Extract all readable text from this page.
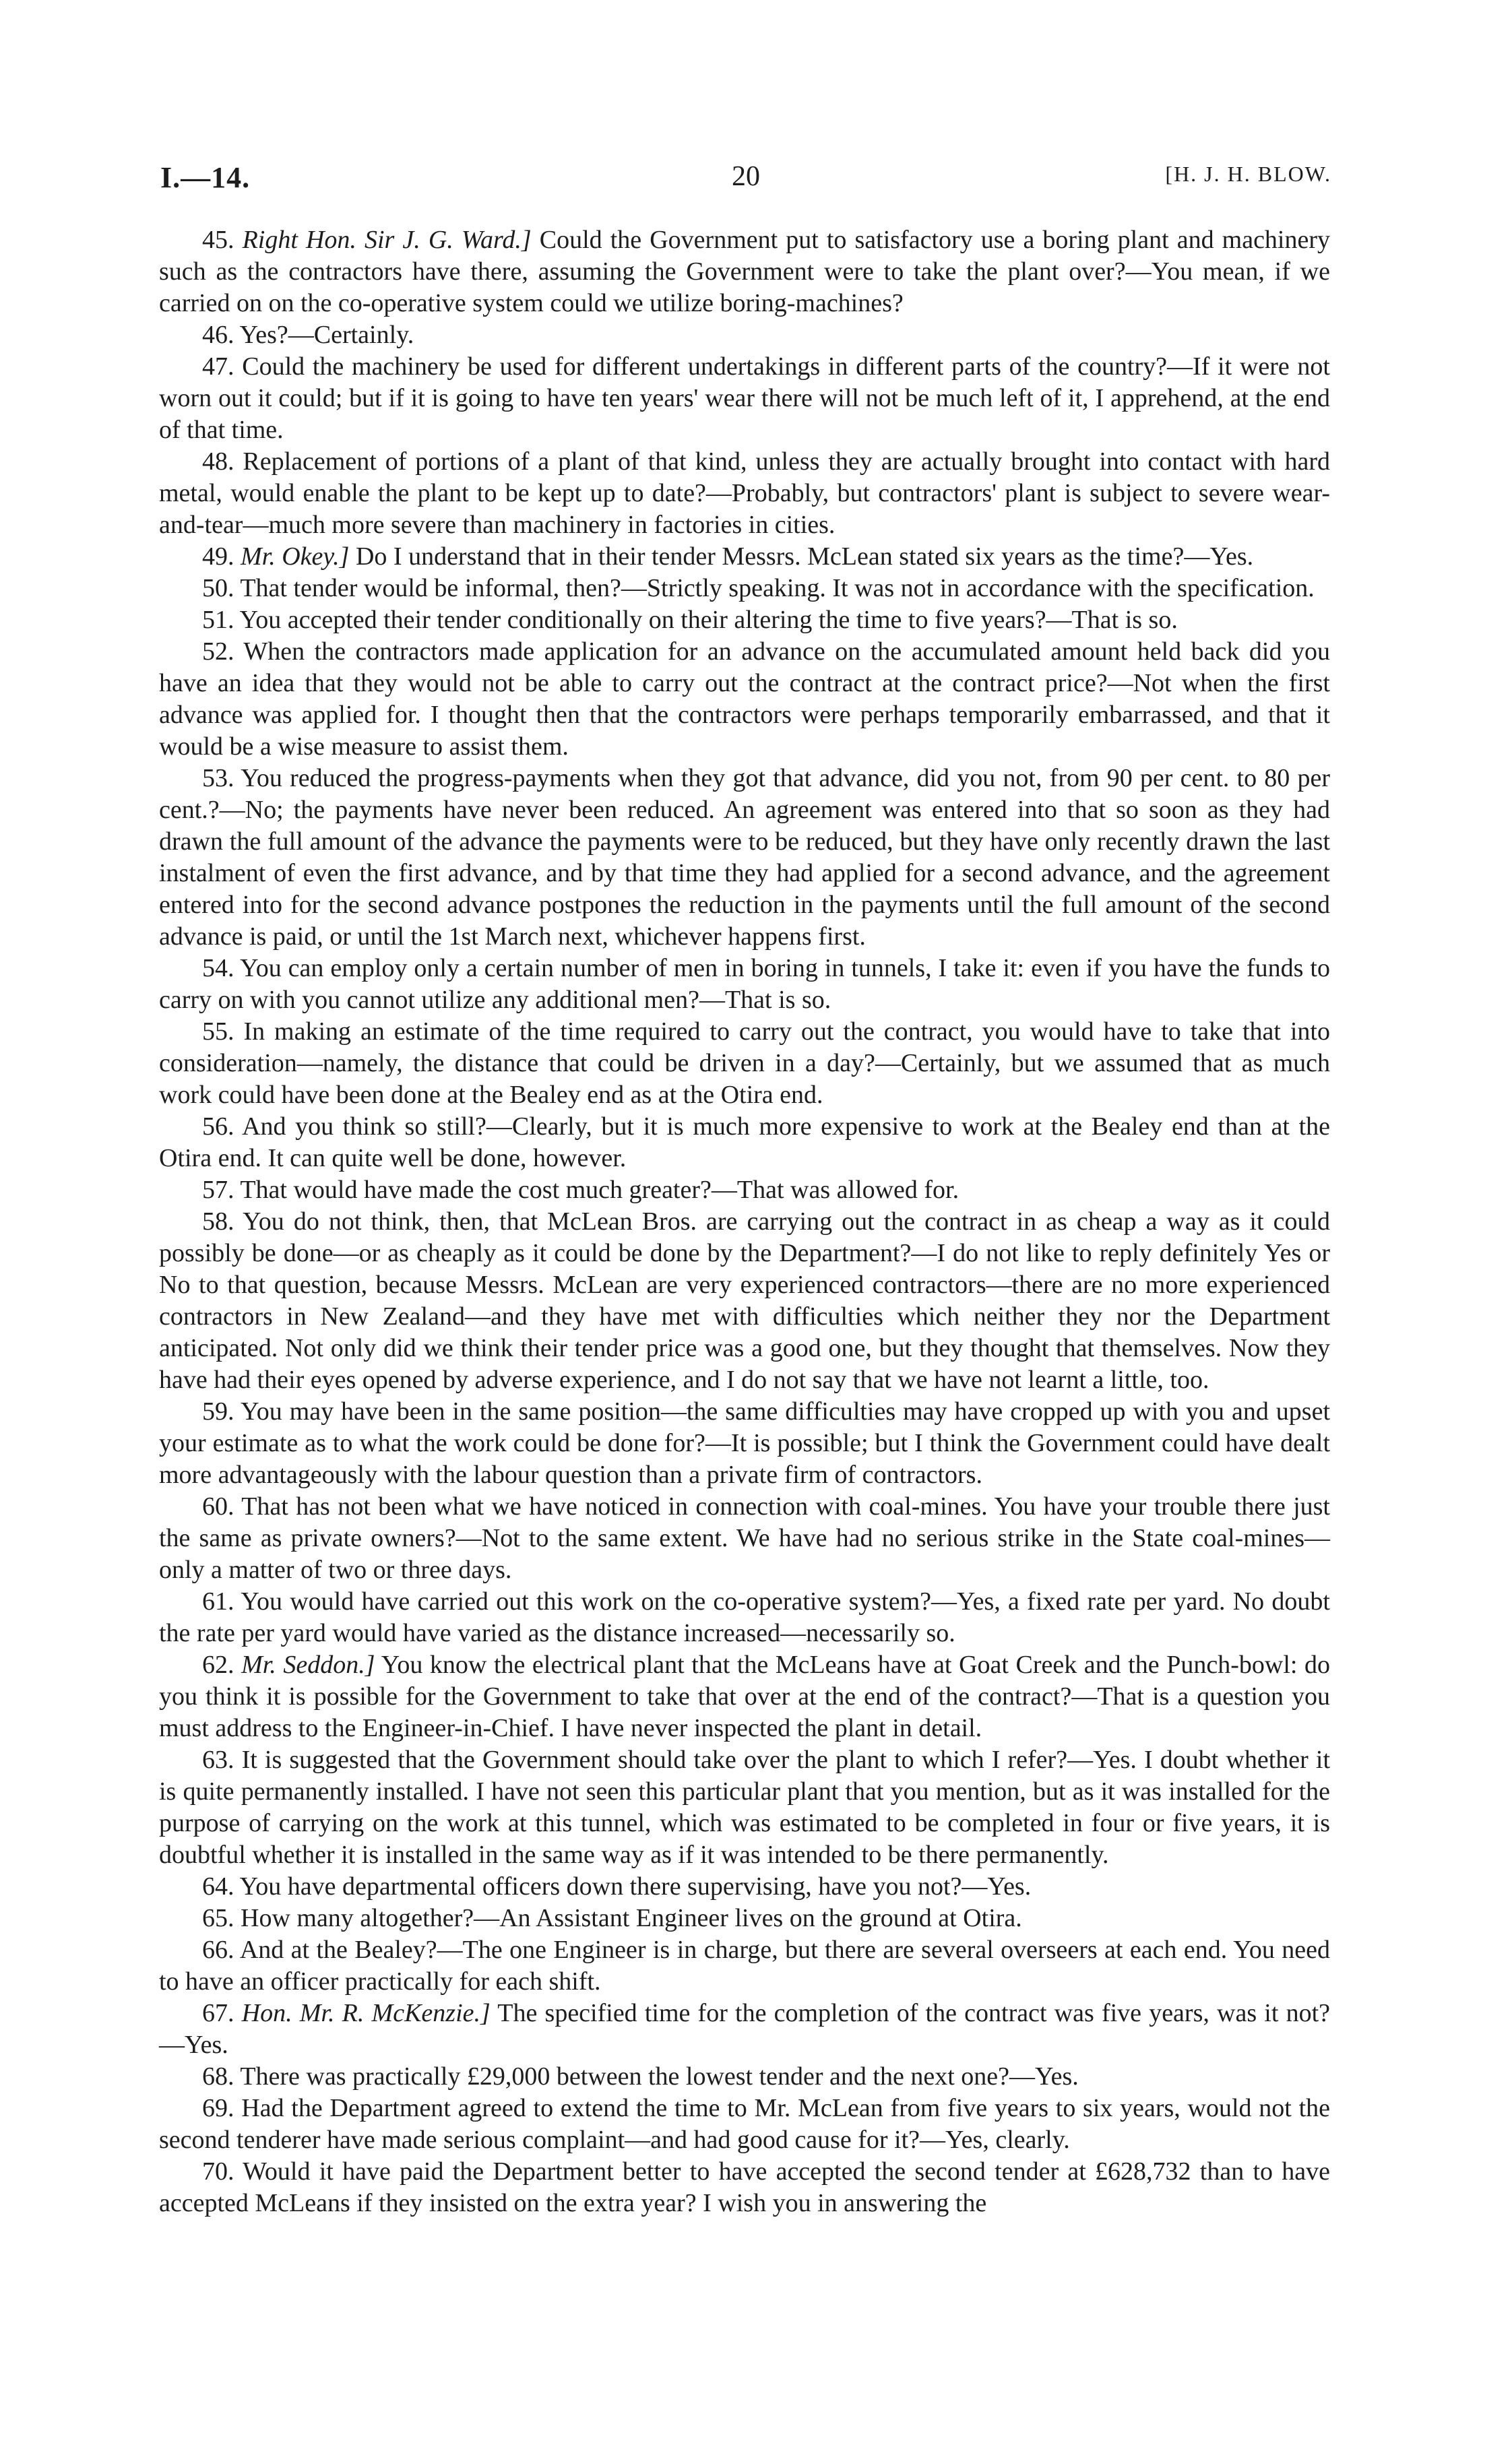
I.—14.	20	[H. J. H. BLOW.

45. Right Hon. Sir J. G. Ward.] Could the Government put to satisfactory use a boring plant and machinery such as the contractors have there, assuming the Government were to take the plant over?—You mean, if we carried on on the co-operative system could we utilize boring-machines?

46. Yes?—Certainly.

47. Could the machinery be used for different undertakings in different parts of the country?—If it were not worn out it could; but if it is going to have ten years' wear there will not be much left of it, I apprehend, at the end of that time.

48. Replacement of portions of a plant of that kind, unless they are actually brought into contact with hard metal, would enable the plant to be kept up to date?—Probably, but contractors' plant is subject to severe wear-and-tear—much more severe than machinery in factories in cities.

49. Mr. Okey.] Do I understand that in their tender Messrs. McLean stated six years as the time?—Yes.

50. That tender would be informal, then?—Strictly speaking. It was not in accordance with the specification.

51. You accepted their tender conditionally on their altering the time to five years?—That is so.

52. When the contractors made application for an advance on the accumulated amount held back did you have an idea that they would not be able to carry out the contract at the contract price?—Not when the first advance was applied for. I thought then that the contractors were perhaps temporarily embarrassed, and that it would be a wise measure to assist them.

53. You reduced the progress-payments when they got that advance, did you not, from 90 per cent. to 80 per cent.?—No; the payments have never been reduced. An agreement was entered into that so soon as they had drawn the full amount of the advance the payments were to be reduced, but they have only recently drawn the last instalment of even the first advance, and by that time they had applied for a second advance, and the agreement entered into for the second advance postpones the reduction in the payments until the full amount of the second advance is paid, or until the 1st March next, whichever happens first.

54. You can employ only a certain number of men in boring in tunnels, I take it: even if you have the funds to carry on with you cannot utilize any additional men?—That is so.

55. In making an estimate of the time required to carry out the contract, you would have to take that into consideration—namely, the distance that could be driven in a day?—Certainly, but we assumed that as much work could have been done at the Bealey end as at the Otira end.

56. And you think so still?—Clearly, but it is much more expensive to work at the Bealey end than at the Otira end. It can quite well be done, however.

57. That would have made the cost much greater?—That was allowed for.

58. You do not think, then, that McLean Bros. are carrying out the contract in as cheap a way as it could possibly be done—or as cheaply as it could be done by the Department?—I do not like to reply definitely Yes or No to that question, because Messrs. McLean are very experienced contractors—there are no more experienced contractors in New Zealand—and they have met with difficulties which neither they nor the Department anticipated. Not only did we think their tender price was a good one, but they thought that themselves. Now they have had their eyes opened by adverse experience, and I do not say that we have not learnt a little, too.

59. You may have been in the same position—the same difficulties may have cropped up with you and upset your estimate as to what the work could be done for?—It is possible; but I think the Government could have dealt more advantageously with the labour question than a private firm of contractors.

60. That has not been what we have noticed in connection with coal-mines. You have your trouble there just the same as private owners?—Not to the same extent. We have had no serious strike in the State coal-mines—only a matter of two or three days.

61. You would have carried out this work on the co-operative system?—Yes, a fixed rate per yard. No doubt the rate per yard would have varied as the distance increased—necessarily so.

62. Mr. Seddon.] You know the electrical plant that the McLeans have at Goat Creek and the Punch-bowl: do you think it is possible for the Government to take that over at the end of the contract?—That is a question you must address to the Engineer-in-Chief. I have never inspected the plant in detail.

63. It is suggested that the Government should take over the plant to which I refer?—Yes. I doubt whether it is quite permanently installed. I have not seen this particular plant that you mention, but as it was installed for the purpose of carrying on the work at this tunnel, which was estimated to be completed in four or five years, it is doubtful whether it is installed in the same way as if it was intended to be there permanently.

64. You have departmental officers down there supervising, have you not?—Yes.

65. How many altogether?—An Assistant Engineer lives on the ground at Otira.

66. And at the Bealey?—The one Engineer is in charge, but there are several overseers at each end. You need to have an officer practically for each shift.

67. Hon. Mr. R. McKenzie.] The specified time for the completion of the contract was five years, was it not?—Yes.

68. There was practically £29,000 between the lowest tender and the next one?—Yes.

69. Had the Department agreed to extend the time to Mr. McLean from five years to six years, would not the second tenderer have made serious complaint—and had good cause for it?—Yes, clearly.

70. Would it have paid the Department better to have accepted the second tender at £628,732 than to have accepted McLeans if they insisted on the extra year? I wish you in answering the
